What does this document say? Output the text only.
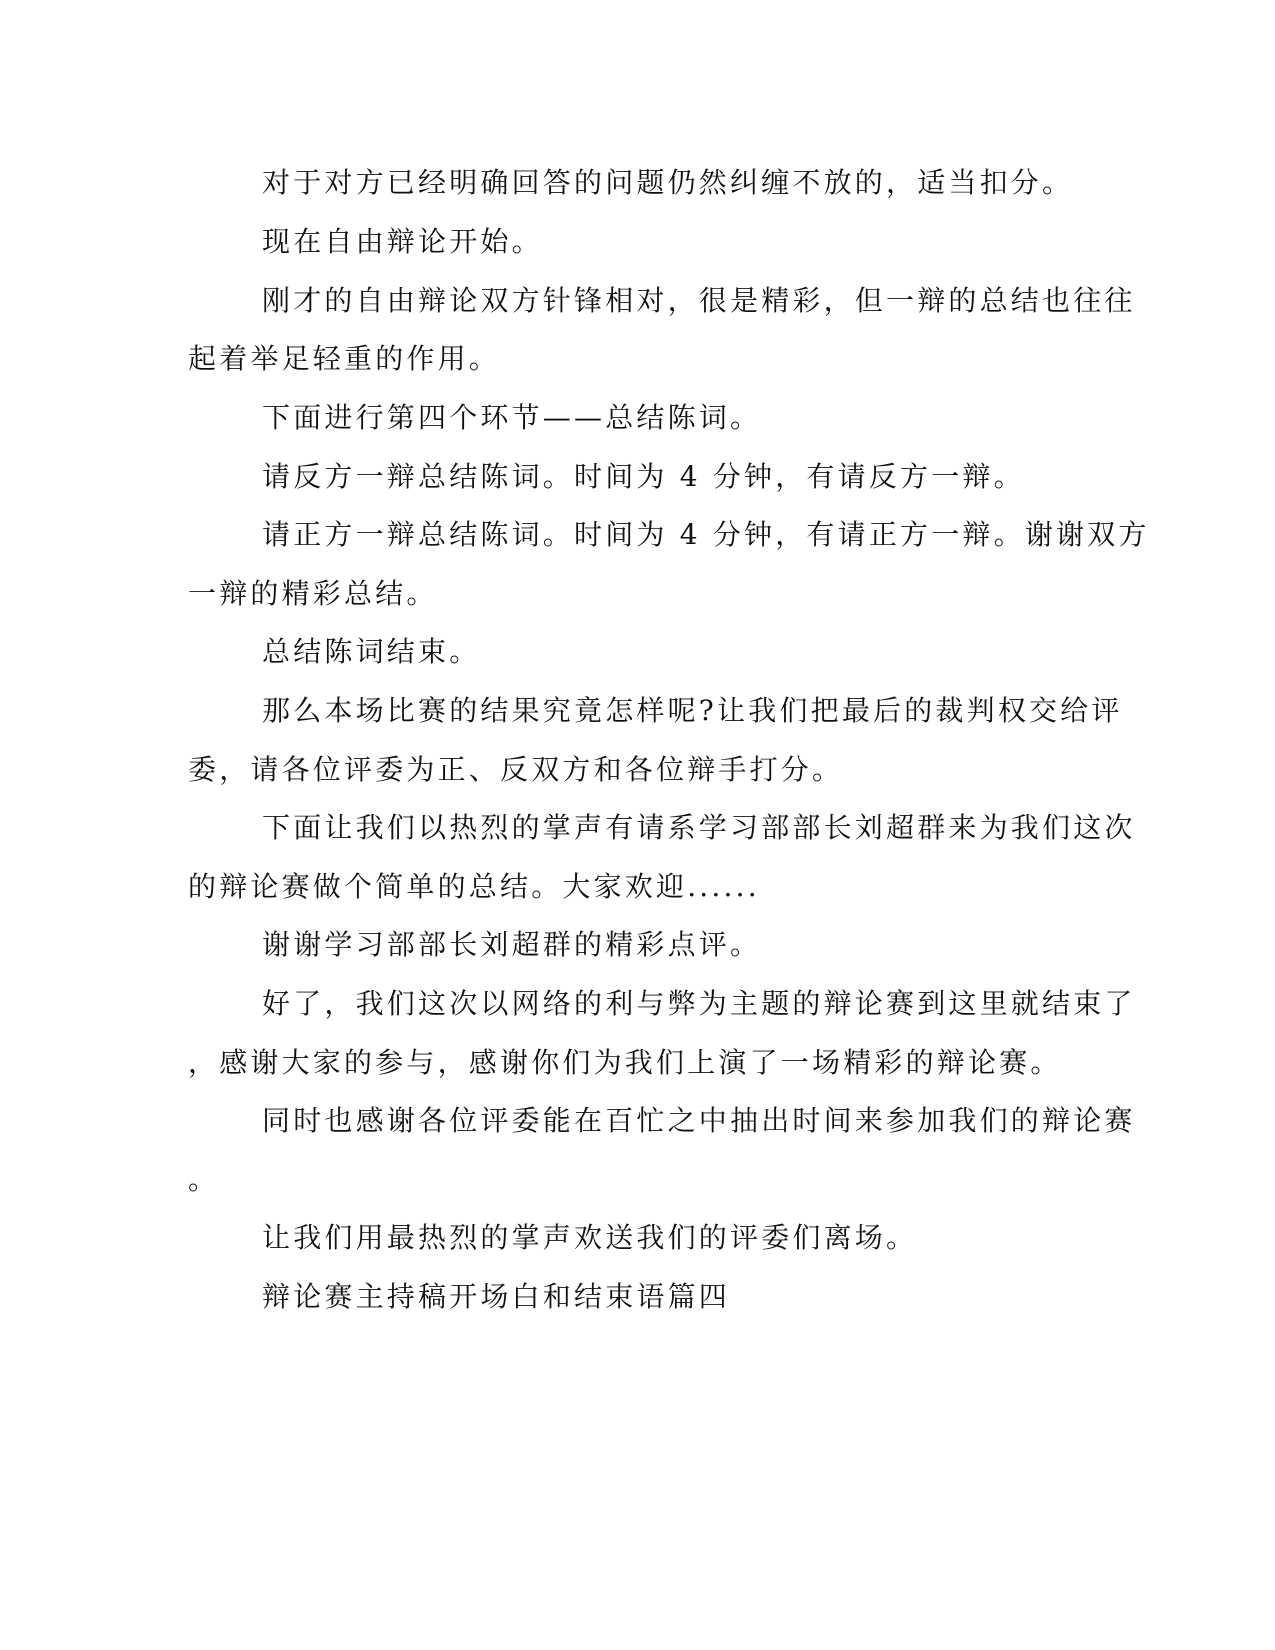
对于对方已经明确回答的问题仍然纠缠不放的，适当扣分。
现在自由辩论开始。
刚才的自由辩论双方针锋相对，很是精彩，但一辩的总结也往往
起着举足轻重的作用。
下面进行第四个环节——总结陈词。
请反方一辩总结陈词。时间为 4 分钟，有请反方一辩。
请正方一辩总结陈词。时间为 4 分钟，有请正方一辩。谢谢双方
一辩的精彩总结。
总结陈词结束。
那么本场比赛的结果究竟怎样呢?让我们把最后的裁判权交给评
委，请各位评委为正、反双方和各位辩手打分。
下面让我们以热烈的掌声有请系学习部部长刘超群来为我们这次
的辩论赛做个简单的总结。大家欢迎......
谢谢学习部部长刘超群的精彩点评。
好了，我们这次以网络的利与弊为主题的辩论赛到这里就结束了
，感谢大家的参与，感谢你们为我们上演了一场精彩的辩论赛。
同时也感谢各位评委能在百忙之中抽出时间来参加我们的辩论赛
。
让我们用最热烈的掌声欢送我们的评委们离场。
辩论赛主持稿开场白和结束语篇四
